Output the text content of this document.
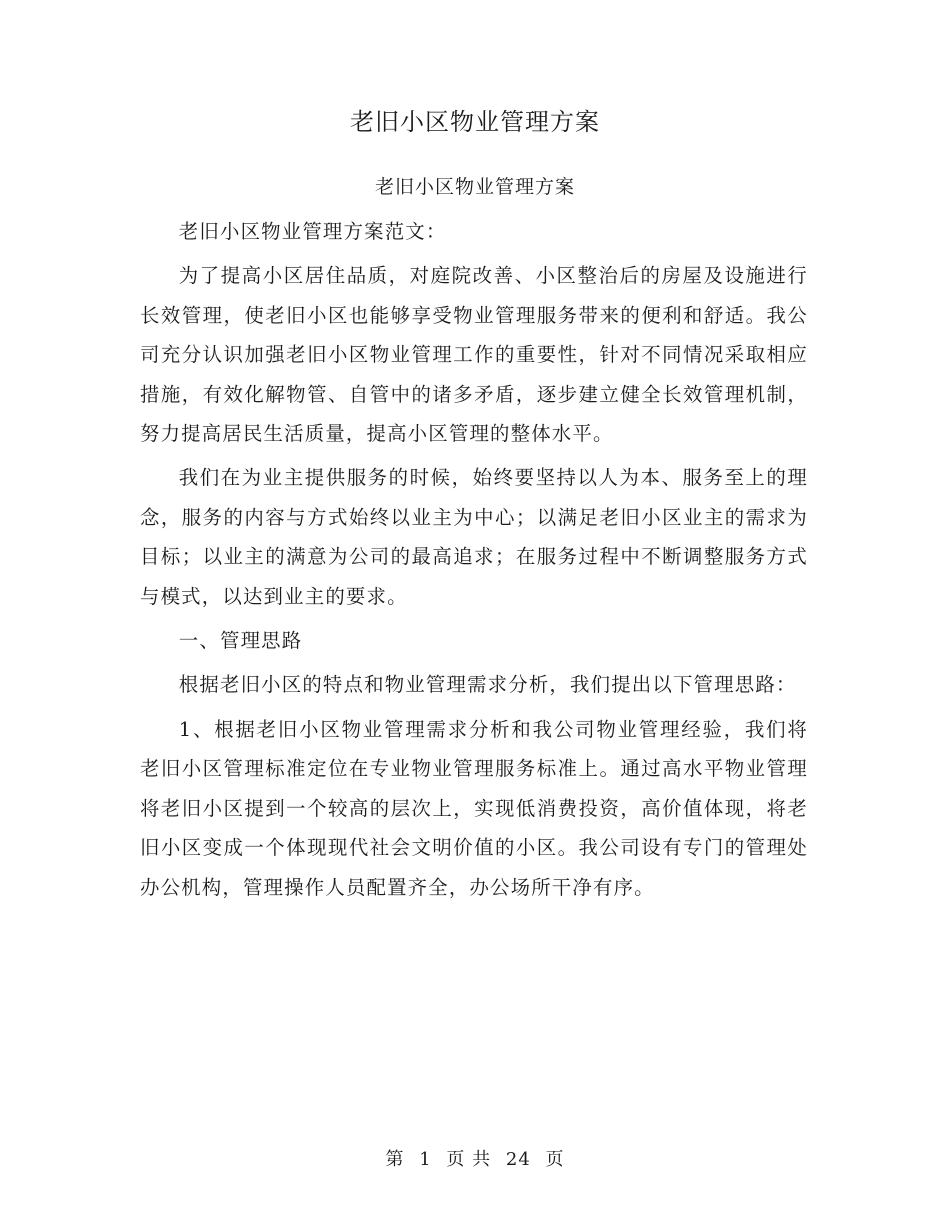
老旧小区物业管理方案
老旧小区物业管理方案

老旧小区物业管理方案范文：

为了提高小区居住品质，对庭院改善、小区整治后的房屋及设施进行长效管理，使老旧小区也能够享受物业管理服务带来的便利和舒适。我公司充分认识加强老旧小区物业管理工作的重要性，针对不同情况采取相应措施，有效化解物管、自管中的诸多矛盾，逐步建立健全长效管理机制，努力提高居民生活质量，提高小区管理的整体水平。

我们在为业主提供服务的时候，始终要坚持以人为本、服务至上的理念，服务的内容与方式始终以业主为中心；以满足老旧小区业主的需求为目标；以业主的满意为公司的最高追求；在服务过程中不断调整服务方式与模式，以达到业主的要求。

一、管理思路

根据老旧小区的特点和物业管理需求分析，我们提出以下管理思路：

1、根据老旧小区物业管理需求分析和我公司物业管理经验，我们将老旧小区管理标准定位在专业物业管理服务标准上。通过高水平物业管理将老旧小区提到一个较高的层次上，实现低消费投资，高价值体现，将老旧小区变成一个体现现代社会文明价值的小区。我公司设有专门的管理处办公机构，管理操作人员配置齐全，办公场所干净有序。

第 1 页 共 24 页
